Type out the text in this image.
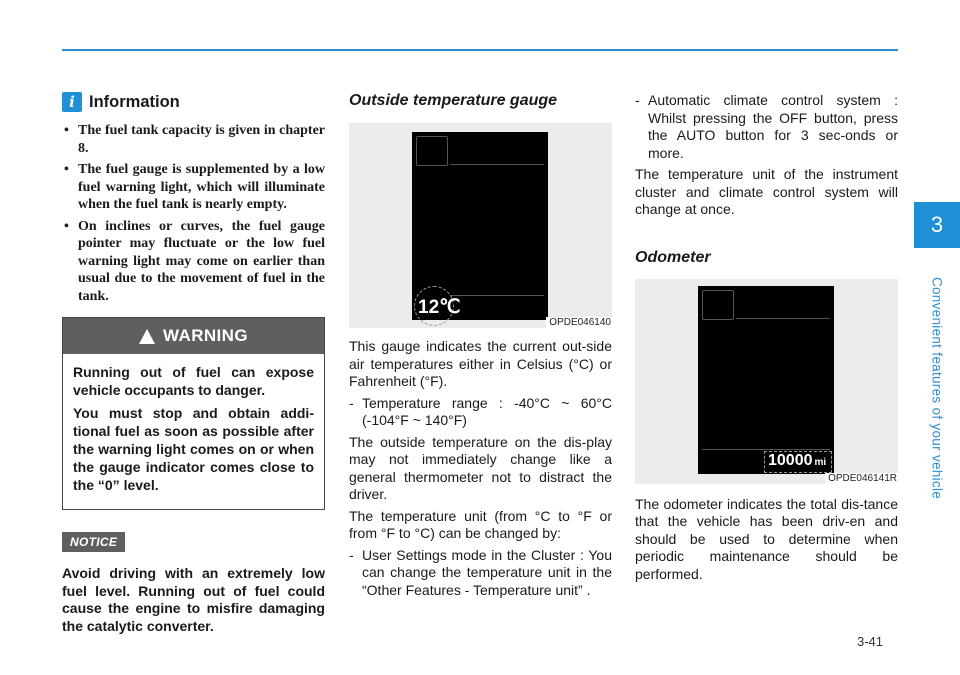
3
Convenient features of your vehicle
i Information
• The fuel tank capacity is given in chapter 8.
• The fuel gauge is supplemented by a low fuel warning light, which will illuminate when the fuel tank is nearly empty.
• On inclines or curves, the fuel gauge pointer may fluctuate or the low fuel warning light may come on earlier than usual due to the movement of fuel in the tank.
WARNING

Running out of fuel can expose vehicle occupants to danger.

You must stop and obtain addi-tional fuel as soon as possible after the warning light comes on or when the gauge indicator comes close to the “0” level.

NOTICE
Avoid driving with an extremely low fuel level. Running out of fuel could cause the engine to misfire damaging the catalytic converter.
Outside temperature gauge
12℃
OPDE046140

This gauge indicates the current out-side air temperatures either in Celsius (°C) or Fahrenheit (°F).

- Temperature range : -40°C ~ 60°C (-104°F ~ 140°F)

The outside temperature on the dis-play may not immediately change like a general thermometer not to distract the driver.

The temperature unit (from °C to °F or from °F to °C) can be changed by:

- User Settings mode in the Cluster : You can change the temperature unit in the “Other Features - Temperature unit” .

- Automatic climate control system : Whilst pressing the OFF button, press the AUTO button for 3 sec-onds or more.

The temperature unit of the instrument cluster and climate control system will change at once.

Odometer
10000 mi
OPDE046141R

The odometer indicates the total dis-tance that the vehicle has been driv-en and should be used to determine when periodic maintenance should be performed.

3-41
